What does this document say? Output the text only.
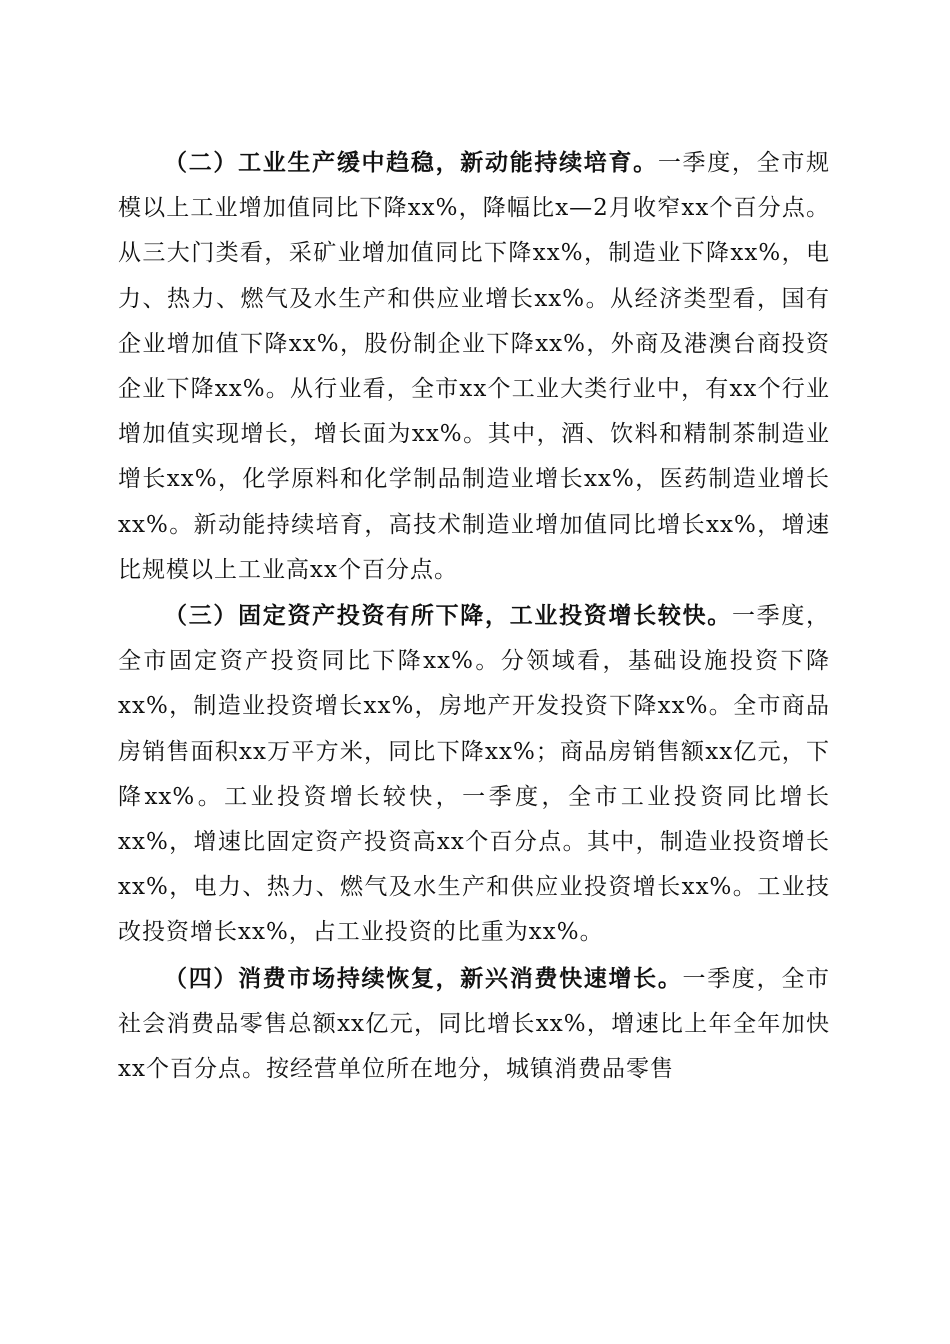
（二）工业生产缓中趋稳，新动能持续培育。一季度，全市规模以上工业增加值同比下降xx%，降幅比x—2月收窄xx个百分点。从三大门类看，采矿业增加值同比下降xx%，制造业下降xx%，电力、热力、燃气及水生产和供应业增长xx%。从经济类型看，国有企业增加值下降xx%，股份制企业下降xx%，外商及港澳台商投资企业下降xx%。从行业看，全市xx个工业大类行业中，有xx个行业增加值实现增长，增长面为xx%。其中，酒、饮料和精制茶制造业增长xx%，化学原料和化学制品制造业增长xx%，医药制造业增长xx%。新动能持续培育，高技术制造业增加值同比增长xx%，增速比规模以上工业高xx个百分点。

（三）固定资产投资有所下降，工业投资增长较快。一季度，全市固定资产投资同比下降xx%。分领域看，基础设施投资下降xx%，制造业投资增长xx%，房地产开发投资下降xx%。全市商品房销售面积xx万平方米，同比下降xx%；商品房销售额xx亿元，下降xx%。工业投资增长较快，一季度，全市工业投资同比增长xx%，增速比固定资产投资高xx个百分点。其中，制造业投资增长xx%，电力、热力、燃气及水生产和供应业投资增长xx%。工业技改投资增长xx%，占工业投资的比重为xx%。

（四）消费市场持续恢复，新兴消费快速增长。一季度，全市社会消费品零售总额xx亿元，同比增长xx%，增速比上年全年加快xx个百分点。按经营单位所在地分，城镇消费品零售
